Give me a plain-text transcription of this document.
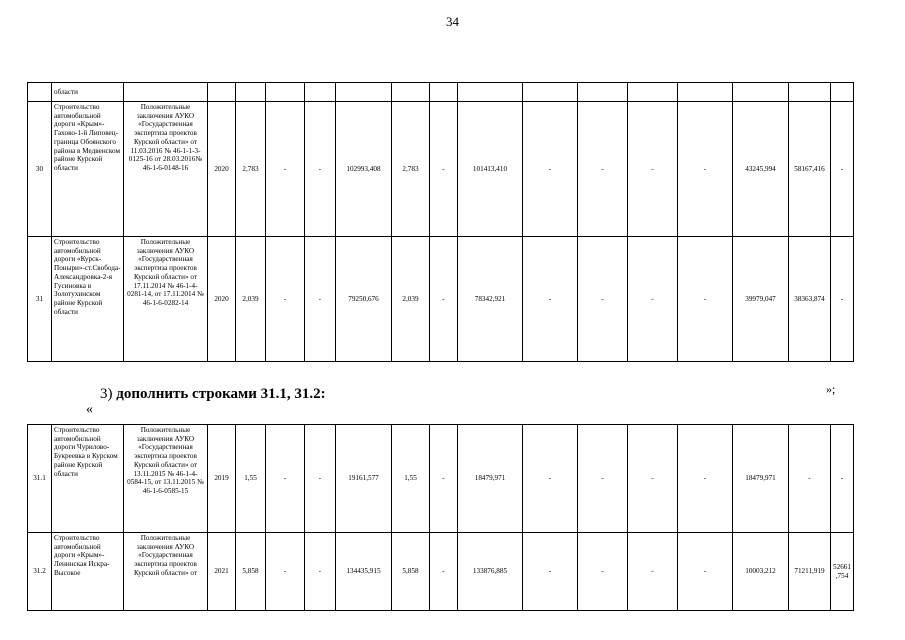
34
	области																
30	Строительство автомобильной дороги «Крым»-Гахово-1-й Липовец-граница Обоянского района в Медвенском районе Курской области	Положительные заключения АУКО «Государственная экспертиза проектов Курской области» от 11.03.2016 № 46-1-1-3-0125-16 от 28.03.2016№ 46-1-6-0148-16	2020	2,783	-	-	102993,408	2,783	-	101413,410	-	-	-	-	43245,994	58167,416	-
31	Строительство автомобильной дороги «Курск-Поныри»-ст.Свобода-Александровка-2-я Гусиновка в Золотухинском районе Курской области	Положительные заключения АУКО «Государственная экспертиза проектов Курской области» от 17.11.2014 № 46-1-4-0281-14, от 17.11.2014 № 46-1-6-0282-14	2020	2,039	-	-	79250,676	2,039	-	78342,921	-	-	-	-	39979,047	38363,874	-
»;
3) дополнить строками 31.1, 31.2:
«
31.1	Строительство автомобильной дороги Чурилово-Букреевка в Курском районе Курской области	Положительные заключения АУКО «Государственная экспертиза проектов Курской области» от 13.11.2015 № 46-1-4-0584-15, от 13.11.2015 № 46-1-6-0585-15	2019	1,55	-	-	19161,577	1,55	-	18479,971	-	-	-	-	18479,971	-	-
31.2	Строительство автомобильной дороги «Крым»-Ленинская Искра-Высокое	Положительные заключения АУКО «Государственная экспертиза проектов Курской области» от	2021	5,858	-	-	134435,915	5,858	-	133876,885	-	-	-	-	10003,212	71211,919	52661,754
